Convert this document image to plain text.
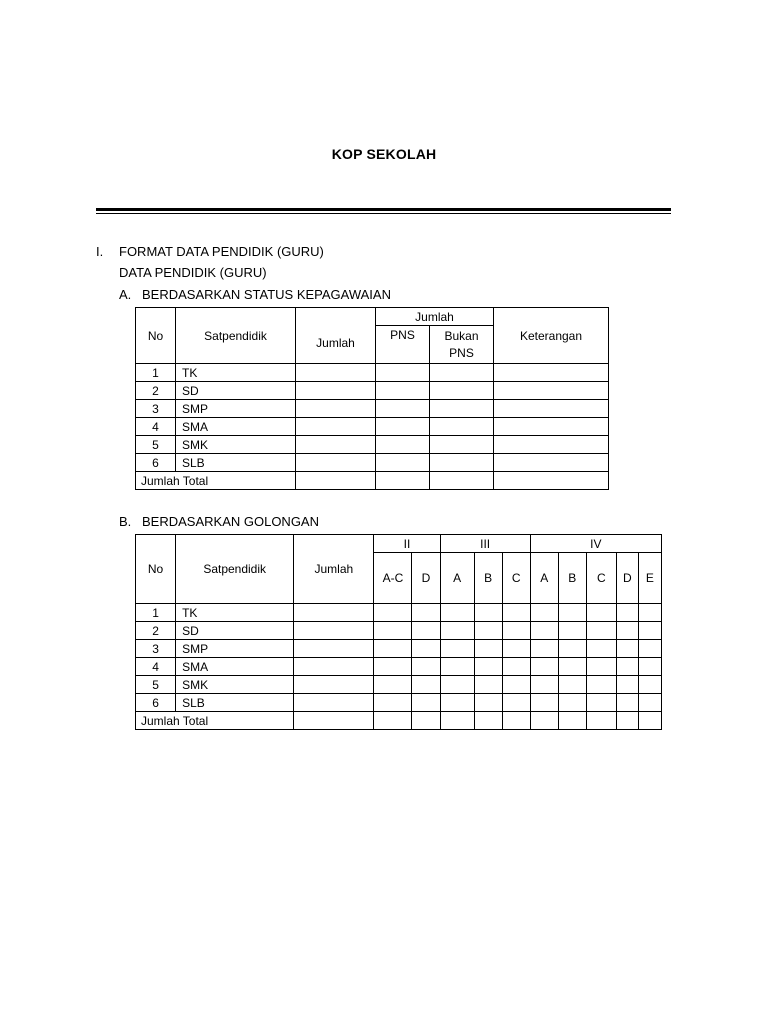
KOP SEKOLAH
I. FORMAT DATA PENDIDIK (GURU)
DATA PENDIDIK (GURU)
A. BERDASARKAN STATUS KEPAGAWAIAN
No	Satpendidik	Jumlah	Jumlah		Keterangan
			PNS	Bukan
PNS	
1	TK				
2	SD				
3	SMP				
4	SMA				
5	SMK				
6	SLB				
Jumlah Total					
B. BERDASARKAN GOLONGAN
No	Satpendidik	Jumlah	II		III			IV				
			A-C	D	A	B	C	A	B	C	D	E
1	TK											
2	SD											
3	SMP											
4	SMA											
5	SMK											
6	SLB											
Jumlah Total												
